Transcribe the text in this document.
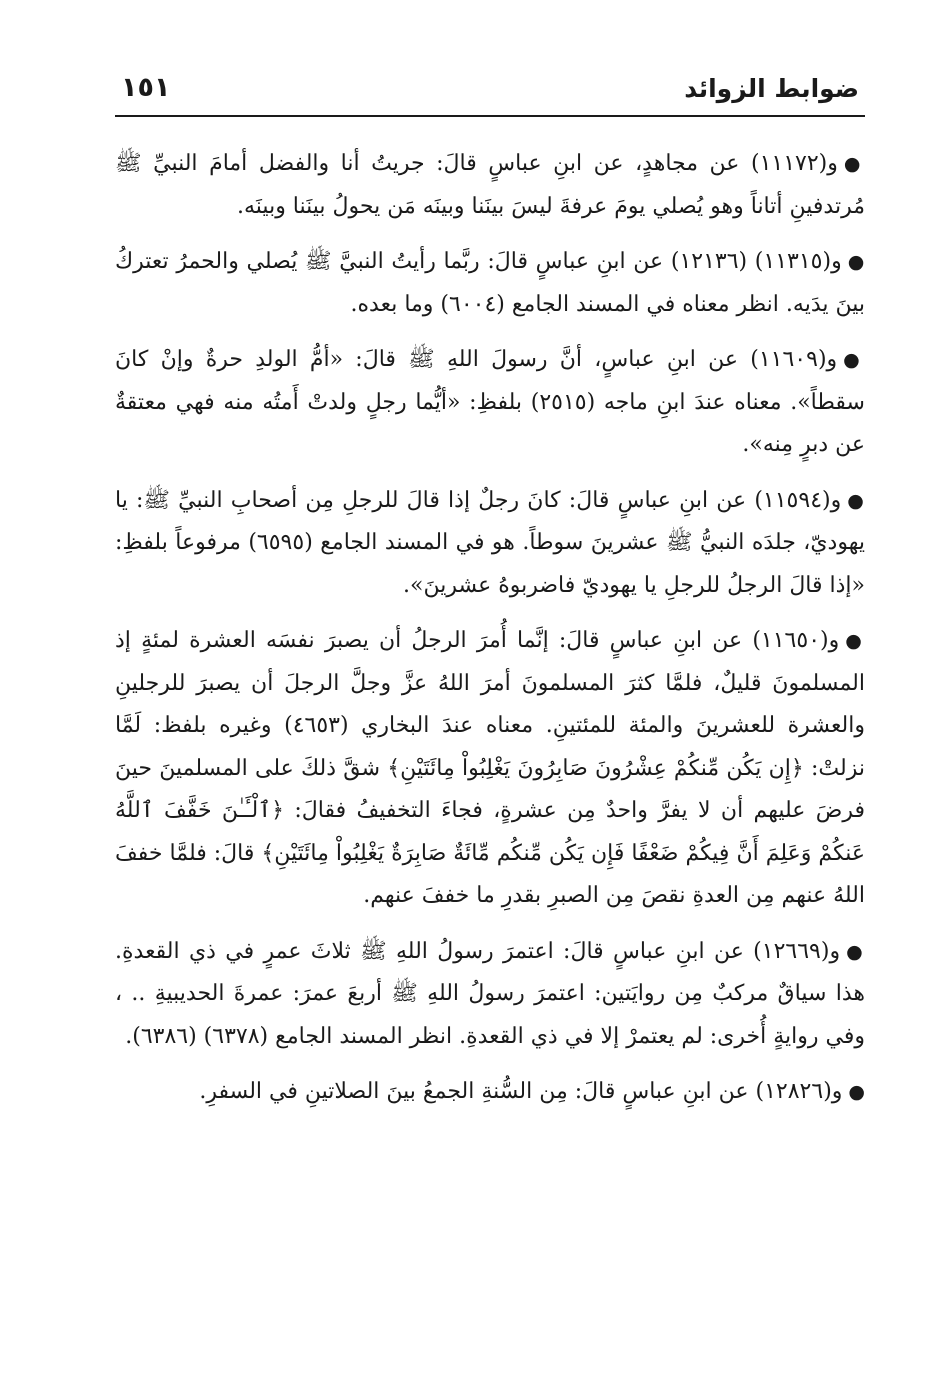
ضوابط الزوائد
١٥١

●و(١١١٧٢) عن مجاهدٍ، عن ابنِ عباسٍ قالَ: جريتُ أنا والفضل أمامَ النبيِّ ﷺ مُرتدفينِ أتاناً وهو يُصلي يومَ عرفةَ ليسَ بينَنا وبينَه مَن يحولُ بينَنا وبينَه.

●و(١١٣١٥) (١٢١٣٦) عن ابنِ عباسٍ قالَ: ربَّما رأيتُ النبيَّ ﷺ يُصلي والحمرُ تعتركُ بينَ يدَيه. انظر معناه في المسند الجامع (٦٠٠٤) وما بعده.

●و(١١٦٠٩) عن ابنِ عباسٍ، أنَّ رسولَ اللهِ ﷺ قالَ: «أمُّ الولدِ حرةٌ وإنْ كانَ سقطاً». معناه عندَ ابنِ ماجه (٢٥١٥) بلفظِ: «أيُّما رجلٍ ولدتْ أَمتُه منه فهي معتقةٌ عن دبرٍ مِنه».

●و(١١٥٩٤) عن ابنِ عباسٍ قالَ: كانَ رجلٌ إذا قالَ للرجلِ مِن أصحابِ النبيِّ ﷺ: يا يهوديّ، جلدَه النبيُّ ﷺ عشرينَ سوطاً. هو في المسند الجامع (٦٥٩٥) مرفوعاً بلفظِ: «إذا قالَ الرجلُ للرجلِ يا يهوديّ فاضربوهُ عشرينَ».

●و(١١٦٥٠) عن ابنِ عباسٍ قالَ: إنَّما أُمرَ الرجلُ أن يصبرَ نفسَه العشرة لمئةٍ إذ المسلمونَ قليلٌ، فلمَّا كثرَ المسلمونَ أمرَ اللهُ عزَّ وجلَّ الرجلَ أن يصبرَ للرجلينِ والعشرة للعشرينَ والمئة للمئتينِ. معناه عندَ البخاري (٤٦٥٣) وغيره بلفظ: لَمَّا نزلتْ: ﴿إِن يَكُن مِّنكُمْ عِشْرُونَ صَابِرُونَ يَغْلِبُواْ مِائَتَيْنِ﴾ شقَّ ذلكَ على المسلمينَ حينَ فرضَ عليهم أن لا يفرَّ واحدٌ مِن عشرةٍ، فجاءَ التخفيفُ فقالَ: ﴿ٱلْـَٔـٰنَ خَفَّفَ ٱللَّهُ عَنكُمْ وَعَلِمَ أَنَّ فِيكُمْ ضَعْفًا فَإِن يَكُن مِّنكُم مِّائَةٌ صَابِرَةٌ يَغْلِبُواْ مِائَتَيْنِ﴾ قالَ: فلمَّا خففَ اللهُ عنهم مِن العدةِ نقصَ مِن الصبرِ بقدرِ ما خففَ عنهم.

●و(١٢٦٦٩) عن ابنِ عباسٍ قالَ: اعتمرَ رسولُ اللهِ ﷺ ثلاثَ عمرٍ في ذي القعدةِ. هذا سياقٌ مركبٌ مِن روايَتين: اعتمرَ رسولُ اللهِ ﷺ أربعَ عمرَ: عمرةَ الحديبيةِ .. ، وفي روايةٍ أُخرى: لم يعتمرْ إلا في ذي القعدةِ. انظر المسند الجامع (٦٣٧٨) (٦٣٨٦).

●و(١٢٨٢٦) عن ابنِ عباسٍ قالَ: مِن السُّنةِ الجمعُ بينَ الصلاتينِ في السفرِ.
